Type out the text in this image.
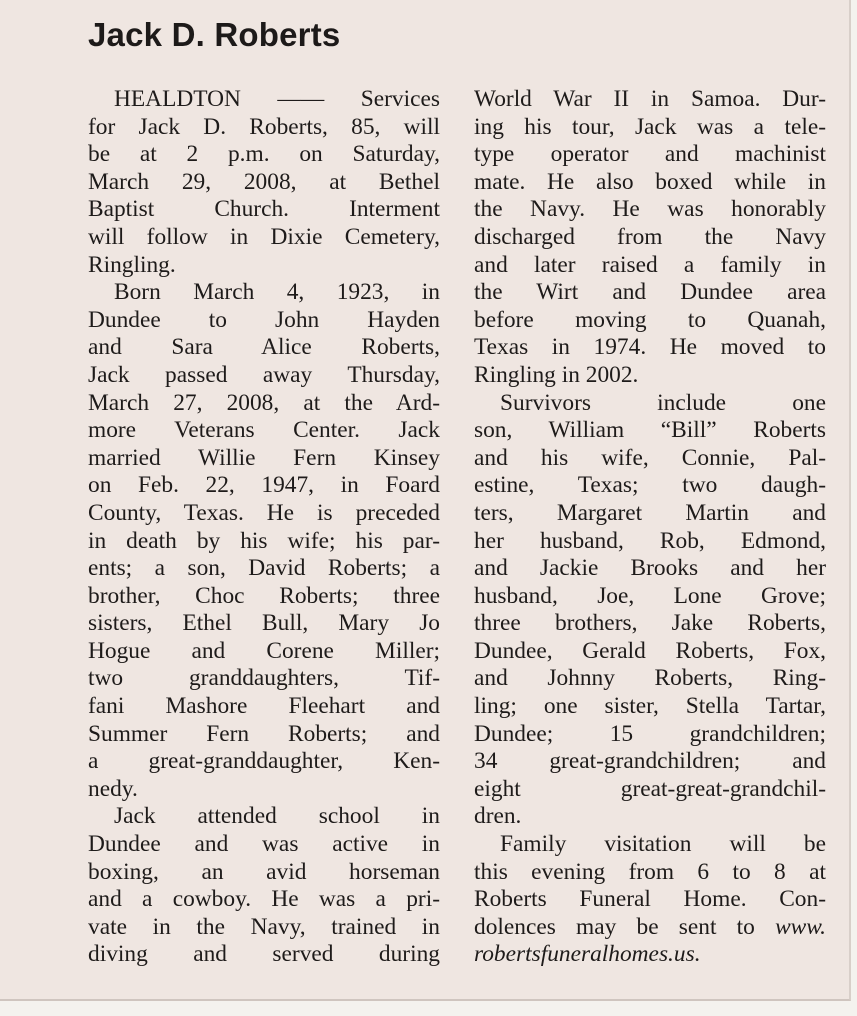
Jack D. Roberts

HEALDTON —— Services
for Jack D. Roberts, 85, will
be at 2 p.m. on Saturday,
March 29, 2008, at Bethel
Baptist Church. Interment
will follow in Dixie Cemetery,
Ringling.

Born March 4, 1923, in
Dundee to John Hayden
and Sara Alice Roberts,
Jack passed away Thursday,
March 27, 2008, at the Ard-
more Veterans Center. Jack
married Willie Fern Kinsey
on Feb. 22, 1947, in Foard
County, Texas. He is preceded
in death by his wife; his par-
ents; a son, David Roberts; a
brother, Choc Roberts; three
sisters, Ethel Bull, Mary Jo
Hogue and Corene Miller;
two granddaughters, Tif-
fani Mashore Fleehart and
Summer Fern Roberts; and
a great-granddaughter, Ken-
nedy.

Jack attended school in
Dundee and was active in
boxing, an avid horseman
and a cowboy. He was a pri-
vate in the Navy, trained in
diving and served during

World War II in Samoa. Dur-
ing his tour, Jack was a tele-
type operator and machinist
mate. He also boxed while in
the Navy. He was honorably
discharged from the Navy
and later raised a family in
the Wirt and Dundee area
before moving to Quanah,
Texas in 1974. He moved to
Ringling in 2002.

Survivors include one
son, William “Bill” Roberts
and his wife, Connie, Pal-
estine, Texas; two daugh-
ters, Margaret Martin and
her husband, Rob, Edmond,
and Jackie Brooks and her
husband, Joe, Lone Grove;
three brothers, Jake Roberts,
Dundee, Gerald Roberts, Fox,
and Johnny Roberts, Ring-
ling; one sister, Stella Tartar,
Dundee; 15 grandchildren;
34 great-grandchildren; and
eight great-great-grandchil-
dren.

Family visitation will be
this evening from 6 to 8 at
Roberts Funeral Home. Con-
dolences may be sent to www.
robertsfuneralhomes.us.
